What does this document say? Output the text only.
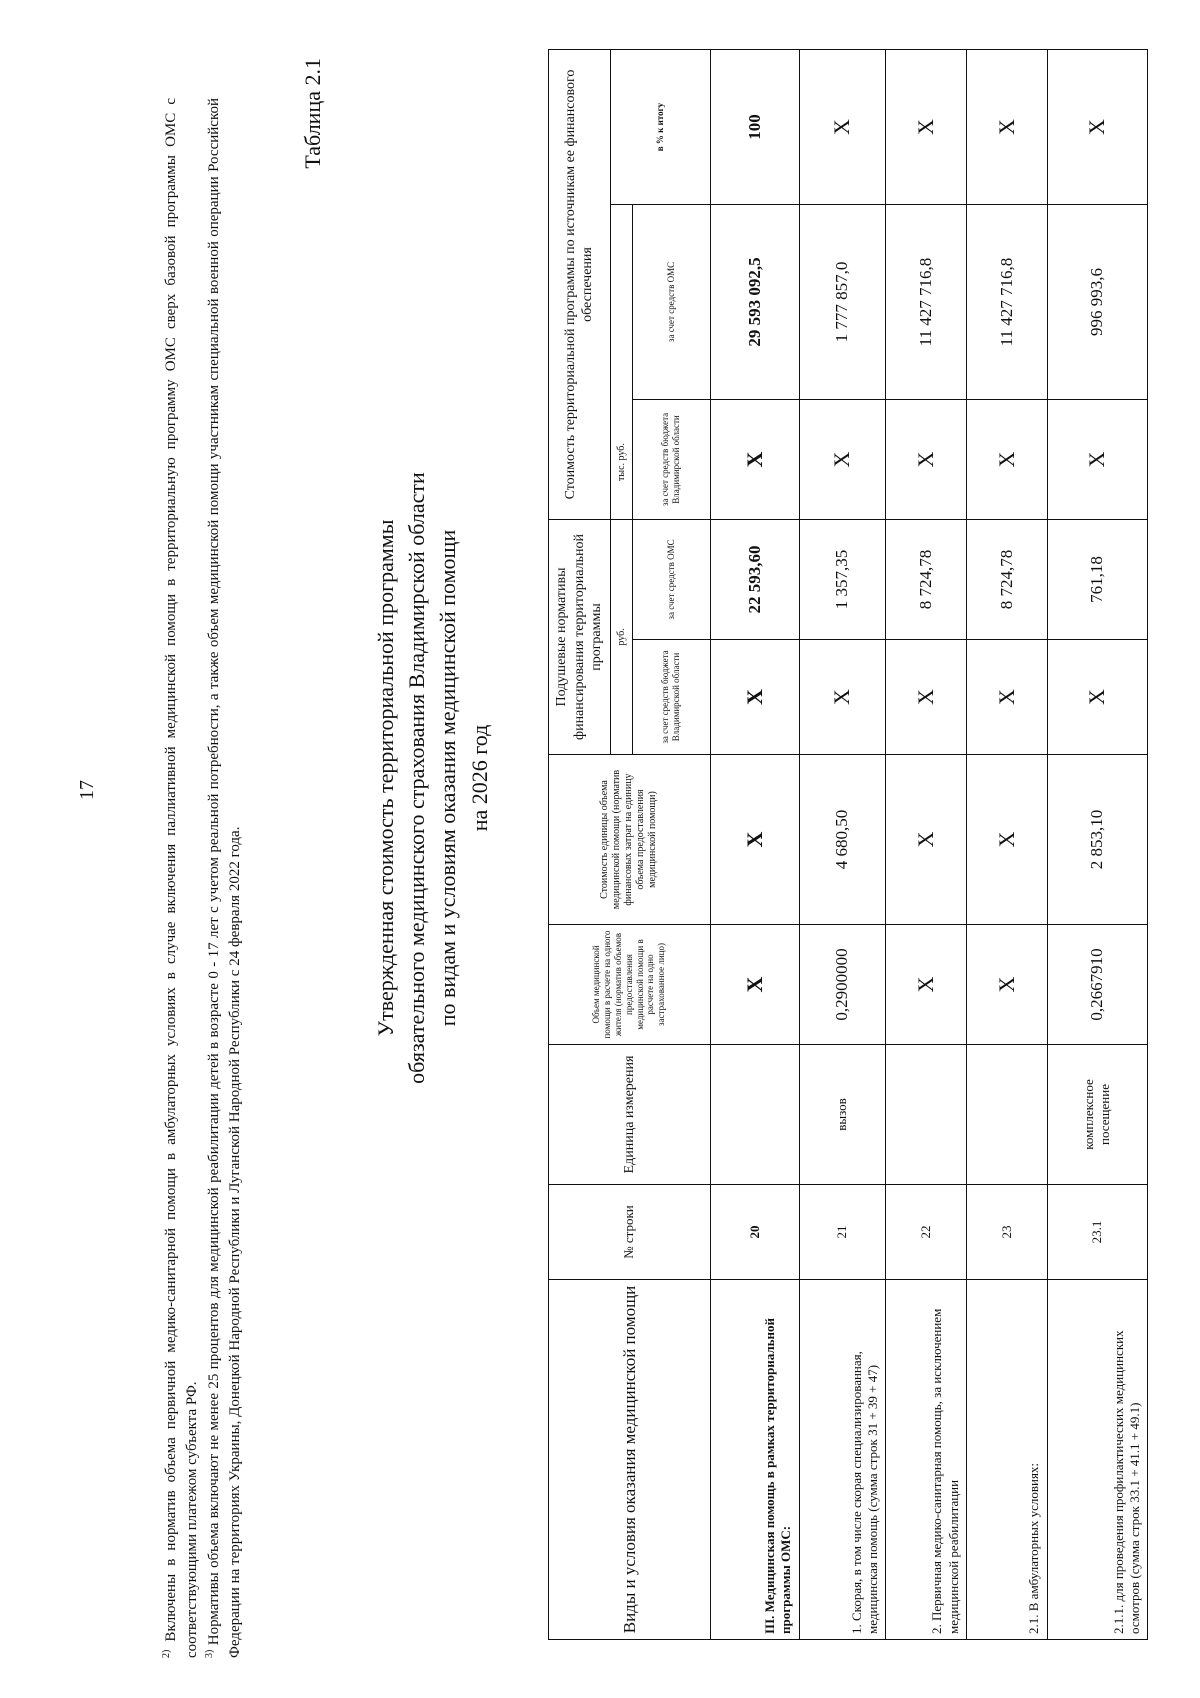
17

$^{2)}$ Включены в норматив объема первичной медико-санитарной помощи в амбулаторных условиях в случае включения паллиативной медицинской помощи в территориальную программу ОМС сверх базовой программы ОМС с соответствующими платежом субъекта РФ. $^{3)}$ Нормативы объема включают не менее 25 процентов для медицинской реабилитации детей в возрасте 0 - 17 лет с учетом реальной потребности, а также объем медицинской помощи участникам специальной военной операции Российской Федерации на территориях Украины, Донецкой Народной Республики и Луганской Народной Республики с 24 февраля 2022 года.

Таблица 2.1
Утвержденная стоимость территориальной программы обязательного медицинского страхования Владимирской области по видам и условиям оказания медицинской помощи на 2026 год
Виды и условия оказания медицинской помощи	№ строки	Единица измерения	Объем медицинской помощи в расчете на одного жителя (норматив объемов предоставления медицинской помощи в расчете на одно застрахованное лицо)	Стоимость единицы объема медицинской помощи (норматив финансовых затрат на единицу объема предоставления медицинской помощи)	Подушевые нормативы финансирования территориальной программы		Стоимость территориальной программы по источникам ее финансового обеспечения		
					руб.		тыс. руб.		в % к итогу
					за счет средств бюджета Владимирской области	за счет средств ОМС	за счет средств бюджета Владимирской области	за счет средств ОМС	
III. Медицинская помощь в рамках территориальной программы ОМС:	20		X	X	X	22 593,60	X	29 593 092,5	100
1. Скорая, в том числе скорая специализированная, медицинская помощь (сумма строк 31 + 39 + 47)	21	вызов	0,2900000	4 680,50	X	1 357,35	X	1 777 857,0	X
2. Первичная медико-санитарная помощь, за исключением медицинской реабилитации	22		X	X	X	8 724,78	X	11 427 716,8	X
2.1. В амбулаторных условиях:	23		X	X	X	8 724,78	X	11 427 716,8	X
2.1.1. для проведения профилактических медицинских осмотров (сумма строк 33.1 + 41.1 + 49.1)	23.1	комплексное посещение	0,2667910	2 853,10	X	761,18	X	996 993,6	X
